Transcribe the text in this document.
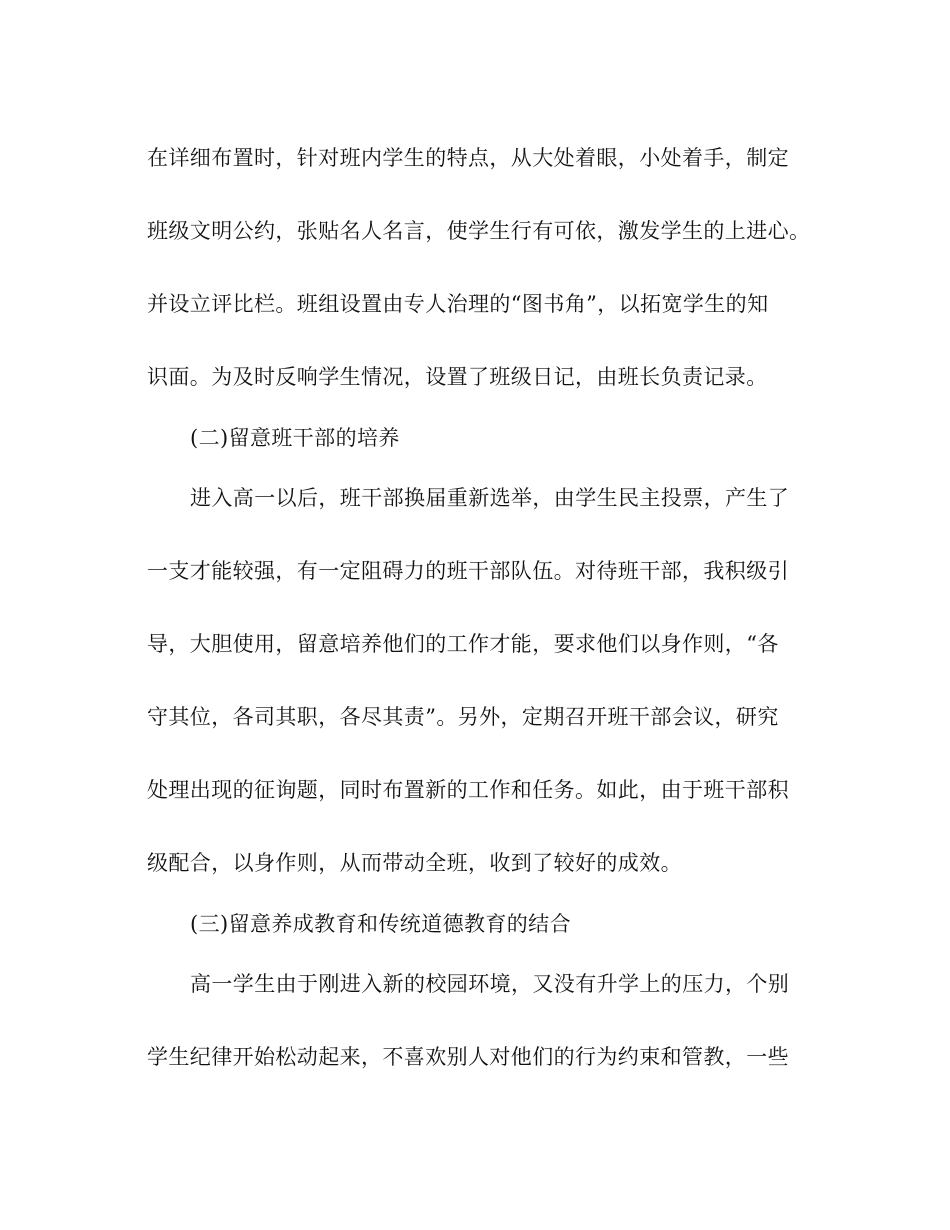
在详细布置时，针对班内学生的特点，从大处着眼，小处着手，制定

班级文明公约，张贴名人名言，使学生行有可依，激发学生的上进心。

并设立评比栏。班组设置由专人治理的“图书角”，以拓宽学生的知

识面。为及时反响学生情况，设置了班级日记，由班长负责记录。

(二)留意班干部的培养

进入高一以后，班干部换届重新选举，由学生民主投票，产生了

一支才能较强，有一定阻碍力的班干部队伍。对待班干部，我积级引

导，大胆使用，留意培养他们的工作才能，要求他们以身作则，“各

守其位，各司其职，各尽其责”。另外，定期召开班干部会议，研究

处理出现的征询题，同时布置新的工作和任务。如此，由于班干部积

级配合，以身作则，从而带动全班，收到了较好的成效。

(三)留意养成教育和传统道德教育的结合

高一学生由于刚进入新的校园环境，又没有升学上的压力，个别

学生纪律开始松动起来，不喜欢别人对他们的行为约束和管教，一些
